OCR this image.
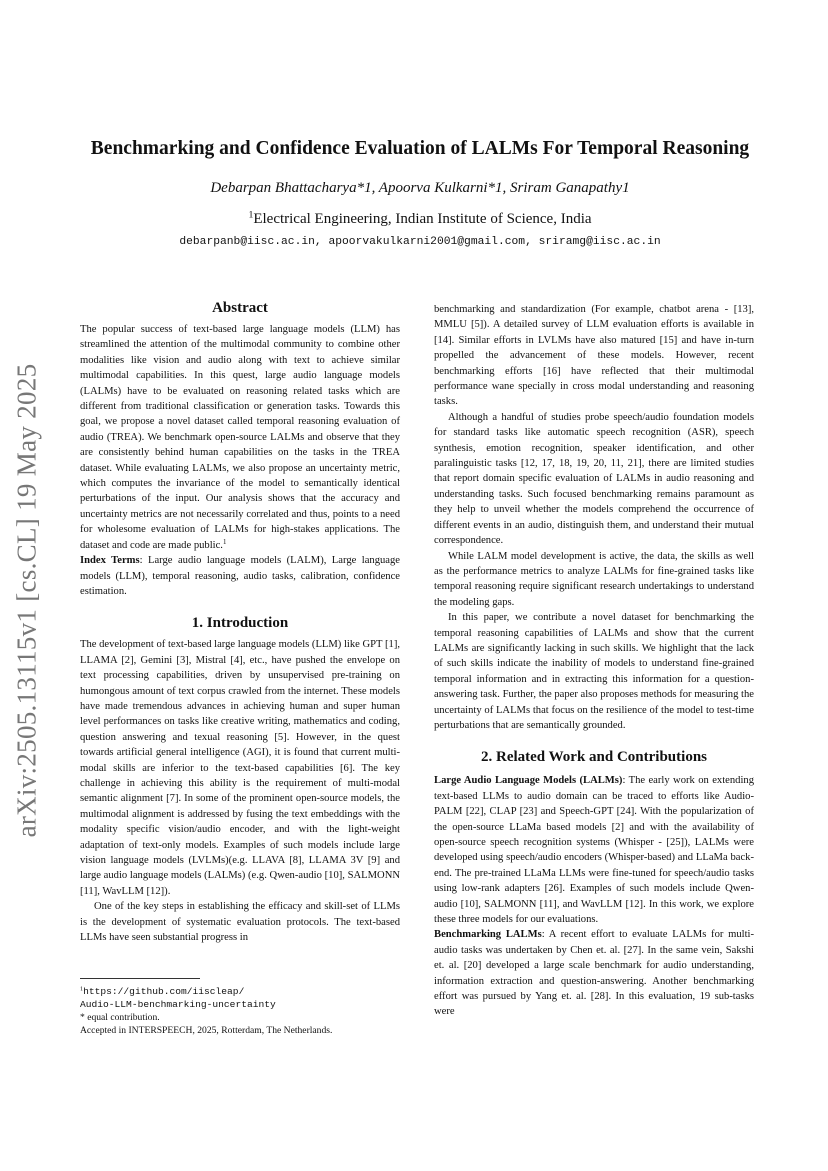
arXiv:2505.13115v1 [cs.CL] 19 May 2025
Benchmarking and Confidence Evaluation of LALMs For Temporal Reasoning
Debarpan Bhattacharya*1, Apoorva Kulkarni*1, Sriram Ganapathy1
$^1$Electrical Engineering, Indian Institute of Science, India
debarpanb@iisc.ac.in, apoorvakulkarni2001@gmail.com, sriramg@iisc.ac.in
Abstract

The popular success of text-based large language models (LLM) has streamlined the attention of the multimodal community to combine other modalities like vision and audio along with text to achieve similar multimodal capabilities. In this quest, large audio language models (LALMs) have to be evaluated on reasoning related tasks which are different from traditional classification or generation tasks. Towards this goal, we propose a novel dataset called temporal reasoning evaluation of audio (TREA). We benchmark open-source LALMs and observe that they are consistently behind human capabilities on the tasks in the TREA dataset. While evaluating LALMs, we also propose an uncertainty metric, which computes the invariance of the model to semantically identical perturbations of the input. Our analysis shows that the accuracy and uncertainty metrics are not necessarily correlated and thus, points to a need for wholesome evaluation of LALMs for high-stakes applications. The dataset and code are made public.$^1$

Index Terms: Large audio language models (LALM), Large language models (LLM), temporal reasoning, audio tasks, calibration, confidence estimation.

1. Introduction

The development of text-based large language models (LLM) like GPT [1], LLAMA [2], Gemini [3], Mistral [4], etc., have pushed the envelope on text processing capabilities, driven by unsupervised pre-training on humongous amount of text corpus crawled from the internet. These models have made tremendous advances in achieving human and super human level performances on tasks like creative writing, mathematics and coding, question answering and texual reasoning [5]. However, in the quest towards artificial general intelligence (AGI), it is found that current multi-modal skills are inferior to the text-based capabilities [6]. The key challenge in achieving this ability is the requirement of multi-modal semantic alignment [7]. In some of the prominent open-source models, the multimodal alignment is addressed by fusing the text embeddings with the modality specific vision/audio encoder, and with the light-weight adaptation of text-only models. Examples of such models include large vision language models (LVLMs)(e.g. LLAVA [8], LLAMA 3V [9] and large audio language models (LALMs) (e.g. Qwen-audio [10], SALMONN [11], WavLLM [12]).

One of the key steps in establishing the efficacy and skill-set of LLMs is the development of systematic evaluation protocols. The text-based LLMs have seen substantial progress in

$^1$https://github.com/iiscleap/
Audio-LLM-benchmarking-uncertainty
* equal contribution.
Accepted in INTERSPEECH, 2025, Rotterdam, The Netherlands.

benchmarking and standardization (For example, chatbot arena - [13], MMLU [5]). A detailed survey of LLM evaluation efforts is available in [14]. Similar efforts in LVLMs have also matured [15] and have in-turn propelled the advancement of these models. However, recent benchmarking efforts [16] have reflected that their multimodal performance wane specially in cross modal understanding and reasoning tasks.

Although a handful of studies probe speech/audio foundation models for standard tasks like automatic speech recognition (ASR), speech synthesis, emotion recognition, speaker identification, and other paralinguistic tasks [12, 17, 18, 19, 20, 11, 21], there are limited studies that report domain specific evaluation of LALMs in audio reasoning and understanding tasks. Such focused benchmarking remains paramount as they help to unveil whether the models comprehend the occurrence of different events in an audio, distinguish them, and understand their mutual correspondence.

While LALM model development is active, the data, the skills as well as the performance metrics to analyze LALMs for fine-grained tasks like temporal reasoning require significant research undertakings to understand the modeling gaps.

In this paper, we contribute a novel dataset for benchmarking the temporal reasoning capabilities of LALMs and show that the current LALMs are significantly lacking in such skills. We highlight that the lack of such skills indicate the inability of models to understand fine-grained temporal information and in extracting this information for a question-answering task. Further, the paper also proposes methods for measuring the uncertainty of LALMs that focus on the resilience of the model to test-time perturbations that are semantically grounded.

2. Related Work and Contributions

Large Audio Language Models (LALMs): The early work on extending text-based LLMs to audio domain can be traced to efforts like Audio-PALM [22], CLAP [23] and Speech-GPT [24]. With the popularization of the open-source LLaMa based models [2] and with the availability of open-source speech recognition systems (Whisper - [25]), LALMs were developed using speech/audio encoders (Whisper-based) and LLaMa back-end. The pre-trained LLaMa LLMs were fine-tuned for speech/audio tasks using low-rank adapters [26]. Examples of such models include Qwen-audio [10], SALMONN [11], and WavLLM [12]. In this work, we explore these three models for our evaluations.

Benchmarking LALMs: A recent effort to evaluate LALMs for multi-audio tasks was undertaken by Chen et. al. [27]. In the same vein, Sakshi et. al. [20] developed a large scale benchmark for audio understanding, information extraction and question-answering. Another benchmarking effort was pursued by Yang et. al. [28]. In this evaluation, 19 sub-tasks were
